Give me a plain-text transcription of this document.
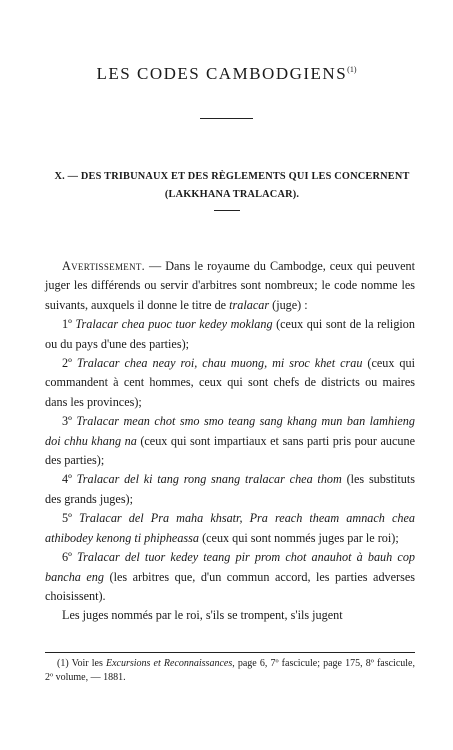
LES CODES CAMBODGIENS$^{(1)}$
X. — DES TRIBUNAUX ET DES RÈGLEMENTS QUI LES CONCERNENT
(LAKKHANA TRALACAR).

Avertissement. — Dans le royaume du Cambodge, ceux qui peuvent juger les différends ou servir d'arbitres sont nombreux; le code nomme les suivants, auxquels il donne le titre de tralacar (juge) :

1º Tralacar chea puoc tuor kedey moklang (ceux qui sont de la religion ou du pays d'une des parties);

2º Tralacar chea neay roi, chau muong, mi sroc khet crau (ceux qui commandent à cent hommes, ceux qui sont chefs de districts ou maires dans les provinces);

3º Tralacar mean chot smo smo teang sang khang mun ban lamhieng doi chhu khang na (ceux qui sont impartiaux et sans parti pris pour aucune des parties);

4º Tralacar del ki tang rong snang tralacar chea thom (les substituts des grands juges);

5º Tralacar del Pra maha khsatr, Pra reach theam amnach chea athibodey kenong ti phipheassa (ceux qui sont nommés juges par le roi);

6º Tralacar del tuor kedey teang pir prom chot anauhot à bauh cop bancha eng (les arbitres que, d'un commun accord, les parties adverses choisissent).

Les juges nommés par le roi, s'ils se trompent, s'ils jugent

(1) Voir les Excursions et Reconnaissances, page 6, 7º fascicule; page 175, 8º fascicule, 2º volume, — 1881.
